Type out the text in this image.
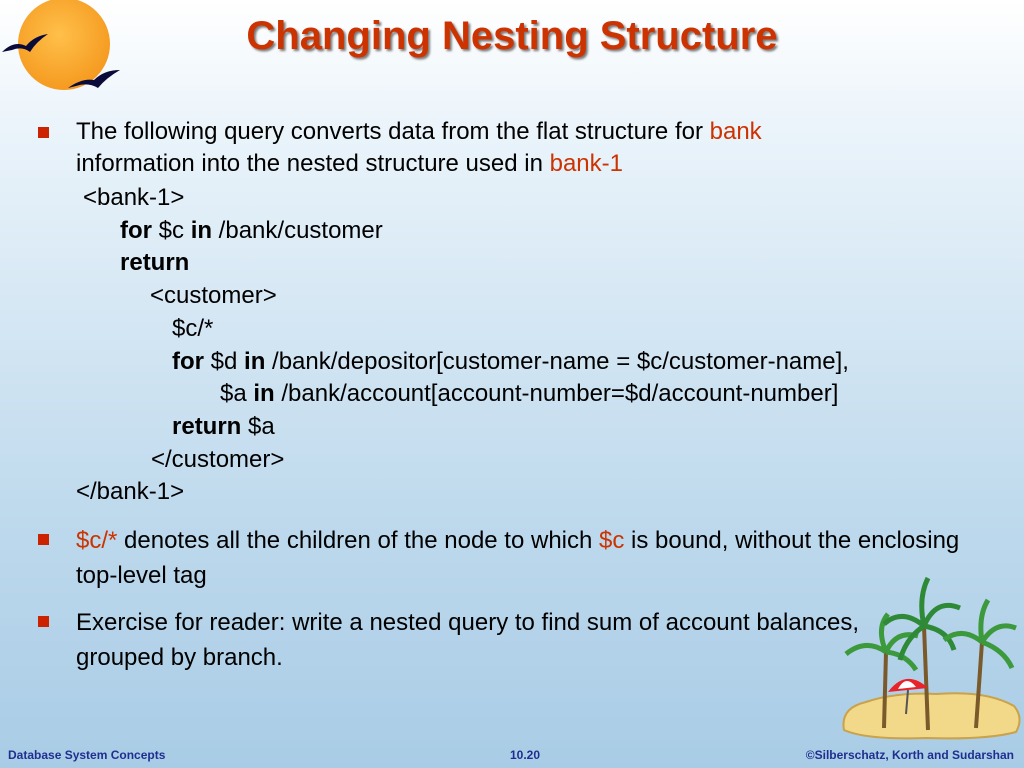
Changing Nesting Structure
The following query converts data from the flat structure for bank
information into the nested structure used in bank-1
<bank-1>
for $c in /bank/customer
return
<customer>
$c/*
for $d in /bank/depositor[customer-name = $c/customer-name],
$a in /bank/account[account-number=$d/account-number]
return $a
</customer>
</bank-1>
$c/* denotes all the children of the node to which $c is bound, without the enclosing top-level tag
Exercise for reader: write a nested query to find sum of account balances, grouped by branch.
Database System Concepts	10.20	©Silberschatz, Korth and Sudarshan
